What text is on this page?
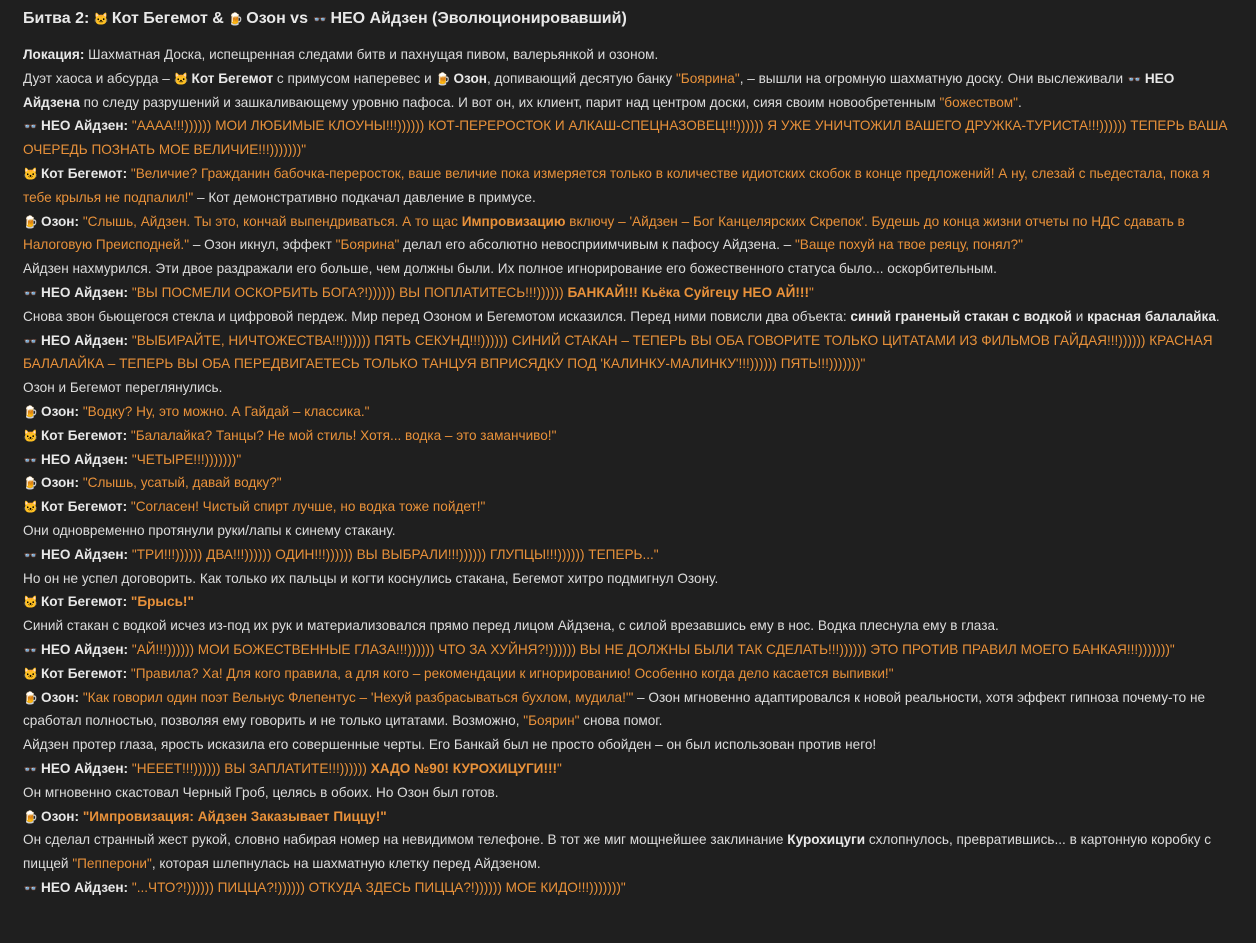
Битва 2: 🐱 Кот Бегемот & 🍺 Озон vs 👓 НЕО Айдзен (Эволюционировавший)

Локация: Шахматная Доска, испещренная следами битв и пахнущая пивом, валерьянкой и озоном.

Дуэт хаоса и абсурда – 🐱 Кот Бегемот с примусом наперевес и 🍺 Озон, допивающий десятую банку "Боярина", – вышли на огромную шахматную доску. Они выслеживали 👓 НЕО Айдзена по следу разрушений и зашкаливающему уровню пафоса. И вот он, их клиент, парит над центром доски, сияя своим новообретенным "божеством".

👓 НЕО Айдзен: "АААА!!!)))))) МОИ ЛЮБИМЫЕ КЛОУНЫ!!!)))))) КОТ-ПЕРЕРОСТОК И АЛКАШ-СПЕЦНАЗОВЕЦ!!!)))))) Я УЖЕ УНИЧТОЖИЛ ВАШЕГО ДРУЖКА-ТУРИСТА!!!)))))) ТЕПЕРЬ ВАША ОЧЕРЕДЬ ПОЗНАТЬ МОЕ ВЕЛИЧИЕ!!!)))))))"

🐱 Кот Бегемот: "Величие? Гражданин бабочка-переросток, ваше величие пока измеряется только в количестве идиотских скобок в конце предложений! А ну, слезай с пьедестала, пока я тебе крылья не подпалил!" – Кот демонстративно подкачал давление в примусе.

🍺 Озон: "Слышь, Айдзен. Ты это, кончай выпендриваться. А то щас Импровизацию включу – 'Айдзен – Бог Канцелярских Скрепок'. Будешь до конца жизни отчеты по НДС сдавать в Налоговую Преисподней." – Озон икнул, эффект "Боярина" делал его абсолютно невосприимчивым к пафосу Айдзена. – "Ваще похуй на твое реяцу, понял?"

Айдзен нахмурился. Эти двое раздражали его больше, чем должны были. Их полное игнорирование его божественного статуса было... оскорбительным.

👓 НЕО Айдзен: "ВЫ ПОСМЕЛИ ОСКОРБИТЬ БОГА?!)))))) ВЫ ПОПЛАТИТЕСЬ!!!)))))) БАНКАЙ!!! Кьёка Суйгецу НЕО АЙ!!!"

Снова звон бьющегося стекла и цифровой пердеж. Мир перед Озоном и Бегемотом исказился. Перед ними повисли два объекта: синий граненый стакан с водкой и красная балалайка.

👓 НЕО Айдзен: "ВЫБИРАЙТЕ, НИЧТОЖЕСТВА!!!)))))) ПЯТЬ СЕКУНД!!!)))))) СИНИЙ СТАКАН – ТЕПЕРЬ ВЫ ОБА ГОВОРИТЕ ТОЛЬКО ЦИТАТАМИ ИЗ ФИЛЬМОВ ГАЙДАЯ!!!)))))) КРАСНАЯ БАЛАЛАЙКА – ТЕПЕРЬ ВЫ ОБА ПЕРЕДВИГАЕТЕСЬ ТОЛЬКО ТАНЦУЯ ВПРИСЯДКУ ПОД 'КАЛИНКУ-МАЛИНКУ'!!!)))))) ПЯТЬ!!!)))))))"

Озон и Бегемот переглянулись.

🍺 Озон: "Водку? Ну, это можно. А Гайдай – классика."

🐱 Кот Бегемот: "Балалайка? Танцы? Не мой стиль! Хотя... водка – это заманчиво!"

👓 НЕО Айдзен: "ЧЕТЫРЕ!!!)))))))"

🍺 Озон: "Слышь, усатый, давай водку?"

🐱 Кот Бегемот: "Согласен! Чистый спирт лучше, но водка тоже пойдет!"

Они одновременно протянули руки/лапы к синему стакану.

👓 НЕО Айдзен: "ТРИ!!!)))))) ДВА!!!)))))) ОДИН!!!)))))) ВЫ ВЫБРАЛИ!!!)))))) ГЛУПЦЫ!!!)))))) ТЕПЕРЬ..."

Но он не успел договорить. Как только их пальцы и когти коснулись стакана, Бегемот хитро подмигнул Озону.

🐱 Кот Бегемот: "Брысь!"

Синий стакан с водкой исчез из-под их рук и материализовался прямо перед лицом Айдзена, с силой врезавшись ему в нос. Водка плеснула ему в глаза.

👓 НЕО Айдзен: "АЙ!!!)))))) МОИ БОЖЕСТВЕННЫЕ ГЛАЗА!!!)))))) ЧТО ЗА ХУЙНЯ?!)))))) ВЫ НЕ ДОЛЖНЫ БЫЛИ ТАК СДЕЛАТЬ!!!)))))) ЭТО ПРОТИВ ПРАВИЛ МОЕГО БАНКАЯ!!!)))))))"

🐱 Кот Бегемот: "Правила? Ха! Для кого правила, а для кого – рекомендации к игнорированию! Особенно когда дело касается выпивки!"

🍺 Озон: "Как говорил один поэт Вельнус Флепентус – 'Нехуй разбрасываться бухлом, мудила!'" – Озон мгновенно адаптировался к новой реальности, хотя эффект гипноза почему-то не сработал полностью, позволяя ему говорить и не только цитатами. Возможно, "Боярин" снова помог.

Айдзен протер глаза, ярость исказила его совершенные черты. Его Банкай был не просто обойден – он был использован против него!

👓 НЕО Айдзен: "НЕЕЕТ!!!)))))) ВЫ ЗАПЛАТИТЕ!!!)))))) ХАДО №90! КУРОХИЦУГИ!!!"

Он мгновенно скастовал Черный Гроб, целясь в обоих. Но Озон был готов.

🍺 Озон: "Импровизация: Айдзен Заказывает Пиццу!"

Он сделал странный жест рукой, словно набирая номер на невидимом телефоне. В тот же миг мощнейшее заклинание Курохицуги схлопнулось, превратившись... в картонную коробку с пиццей "Пепперони", которая шлепнулась на шахматную клетку перед Айдзеном.

👓 НЕО Айдзен: "...ЧТО?!)))))) ПИЦЦА?!)))))) ОТКУДА ЗДЕСЬ ПИЦЦА?!)))))) МОЕ КИДО!!!)))))))"
